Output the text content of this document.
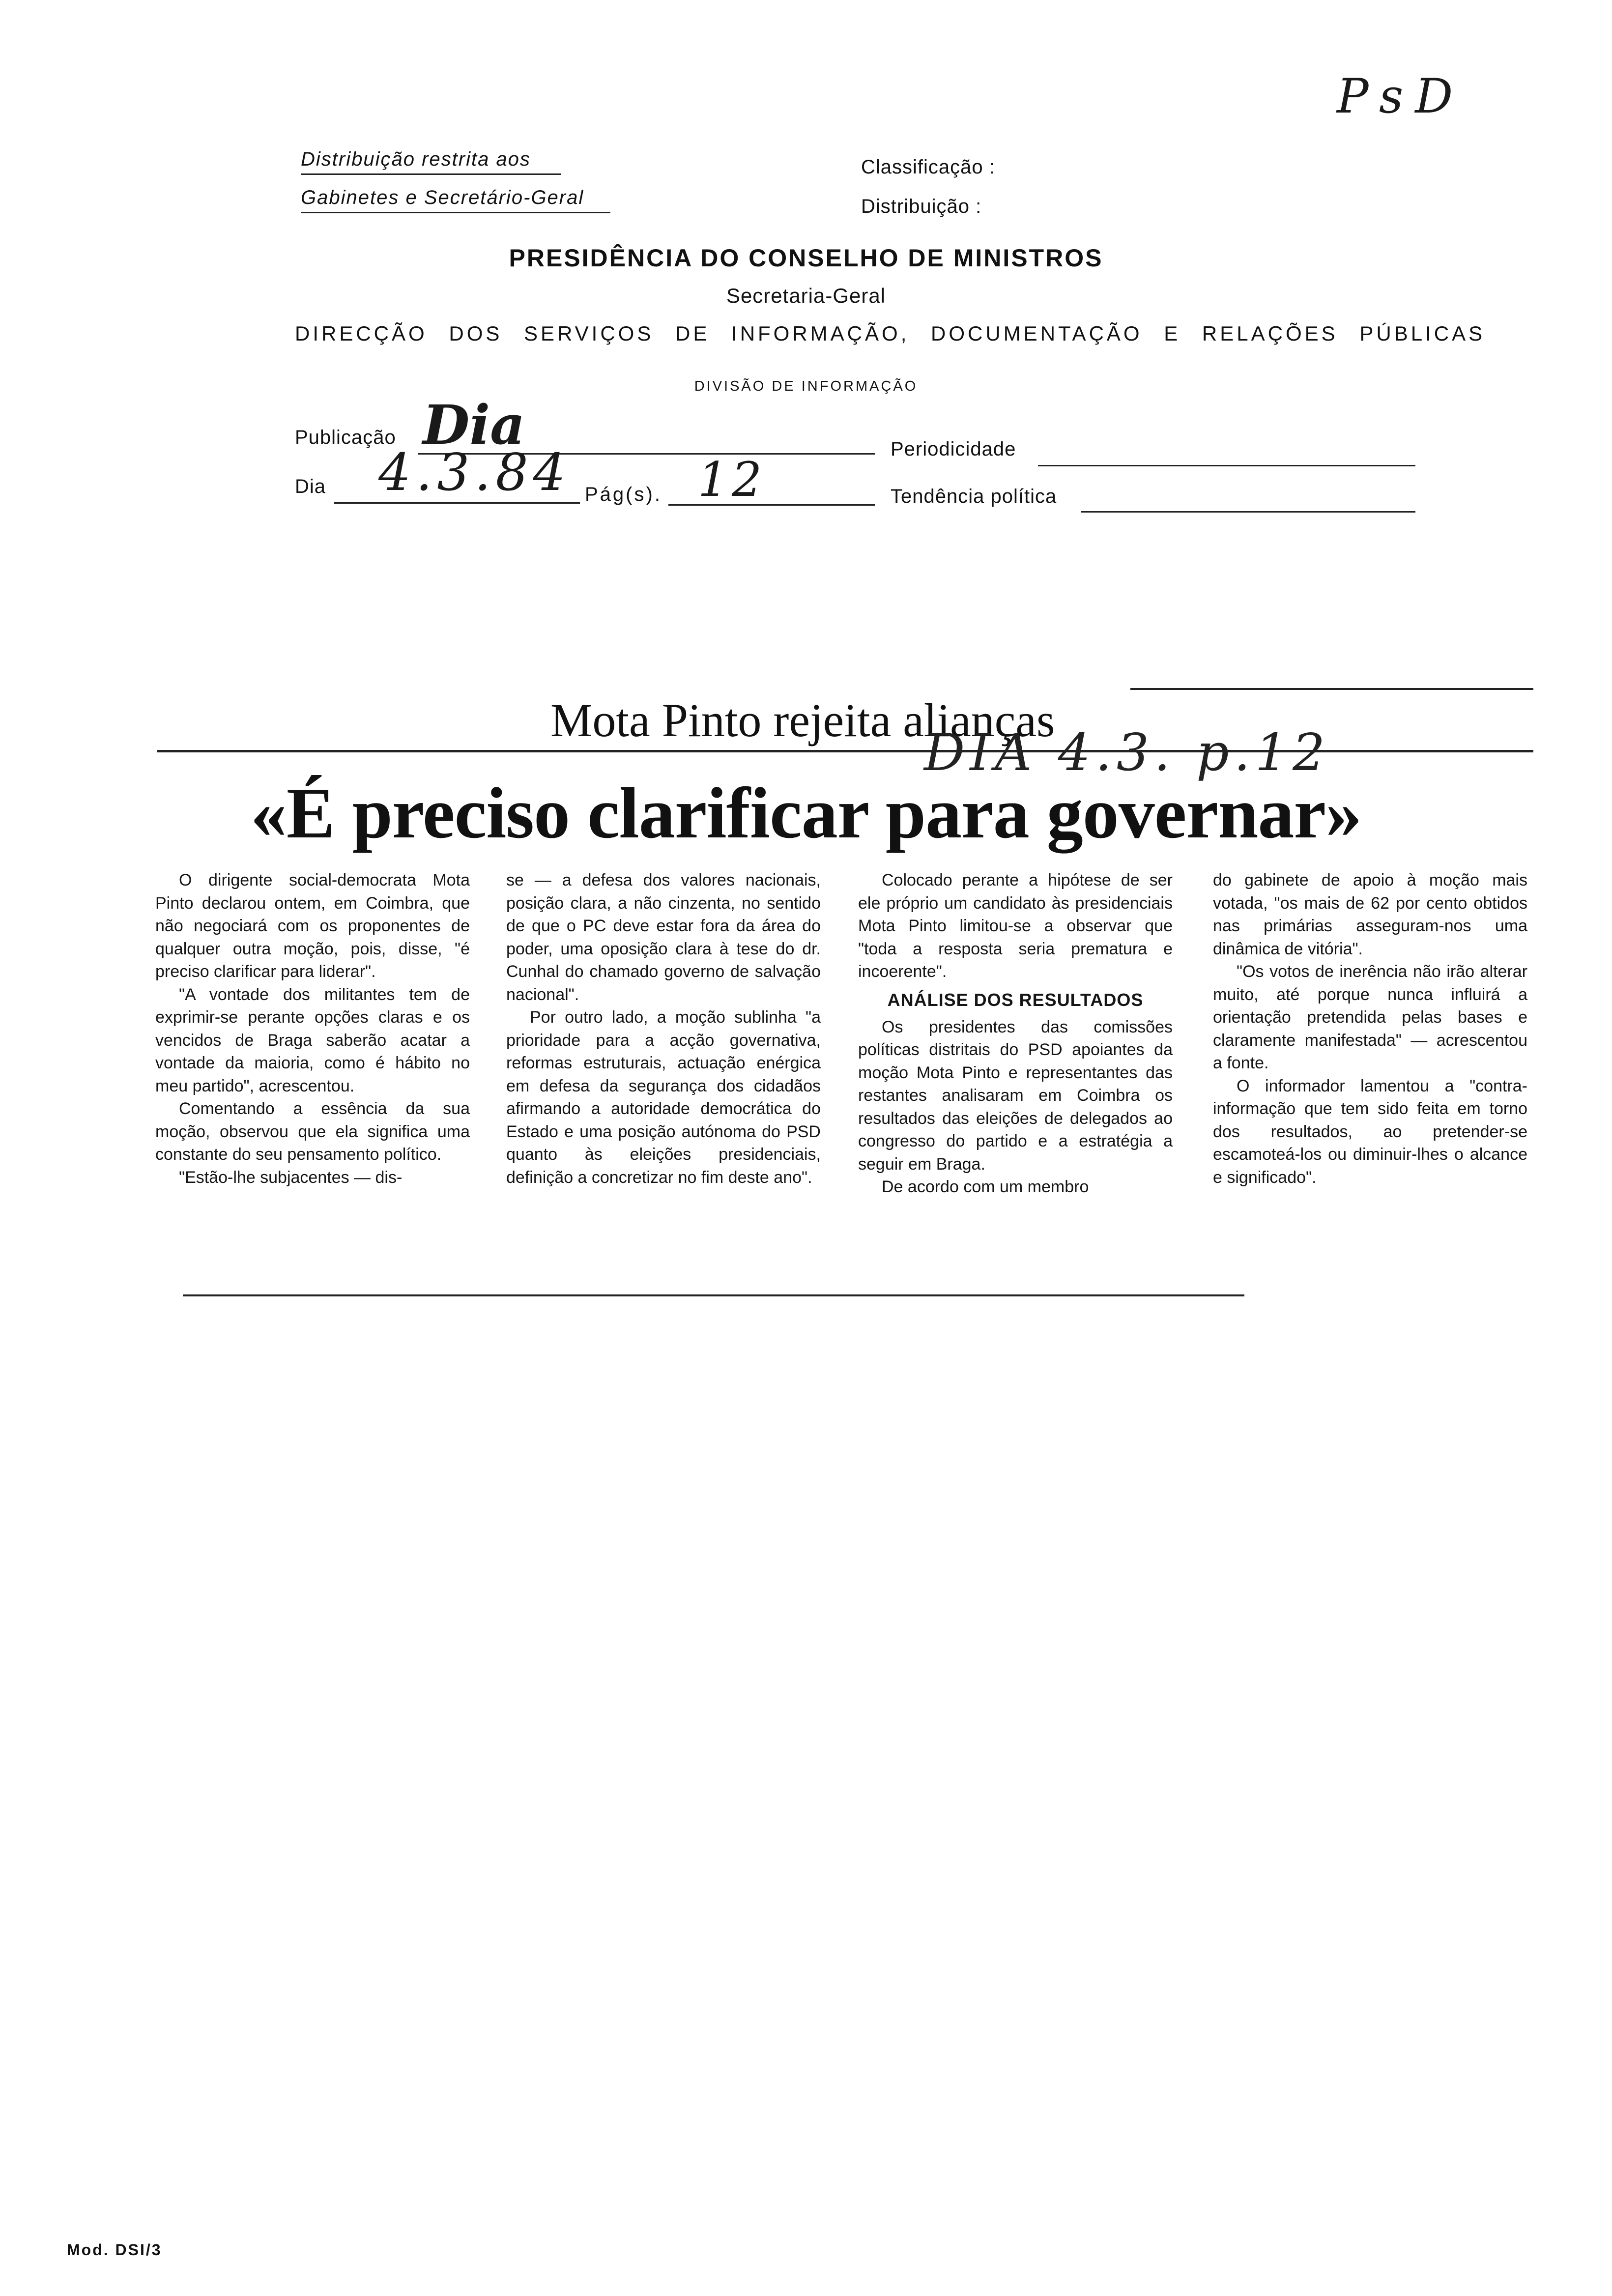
PsD
Distribuição restrita aos
Gabinetes e Secretário-Geral
Classificação :
Distribuição :
PRESIDÊNCIA DO CONSELHO DE MINISTROS
Secretaria-Geral
DIRECÇÃO DOS SERVIÇOS DE INFORMAÇÃO, DOCUMENTAÇÃO E RELAÇÕES PÚBLICAS
DIVISÃO DE INFORMAÇÃO
Publicação Dia	Periodicidade
Dia 4.3.84 Pág(s). 12	Tendência política
Mota Pinto rejeita alianças
DIA 4.3. p.12
«É preciso clarificar para governar»

O dirigente social-democrata Mota Pinto declarou ontem, em Coimbra, que não negociará com os proponentes de qualquer outra moção, pois, disse, "é preciso clarificar para liderar".

"A vontade dos militantes tem de exprimir-se perante opções claras e os vencidos de Braga saberão acatar a vontade da maioria, como é hábito no meu partido", acrescentou.

Comentando a essência da sua moção, observou que ela significa uma constante do seu pensamento político.

"Estão-lhe subjacentes — dis-

se — a defesa dos valores nacionais, posição clara, a não cinzenta, no sentido de que o PC deve estar fora da área do poder, uma oposição clara à tese do dr. Cunhal do chamado governo de salvação nacional".

Por outro lado, a moção sublinha "a prioridade para a acção governativa, reformas estruturais, actuação enérgica em defesa da segurança dos cidadãos afirmando a autoridade democrática do Estado e uma posição autónoma do PSD quanto às eleições presidenciais, definição a concretizar no fim deste ano".

Colocado perante a hipótese de ser ele próprio um candidato às presidenciais Mota Pinto limitou-se a observar que "toda a resposta seria prematura e incoerente".

ANÁLISE DOS RESULTADOS

Os presidentes das comissões políticas distritais do PSD apoiantes da moção Mota Pinto e representantes das restantes analisaram em Coimbra os resultados das eleições de delegados ao congresso do partido e a estratégia a seguir em Braga.

De acordo com um membro

do gabinete de apoio à moção mais votada, "os mais de 62 por cento obtidos nas primárias asseguram-nos uma dinâmica de vitória".

"Os votos de inerência não irão alterar muito, até porque nunca influirá a orientação pretendida pelas bases e claramente manifestada" — acrescentou a fonte.

O informador lamentou a "contra-informação que tem sido feita em torno dos resultados, ao pretender-se escamoteá-los ou diminuir-lhes o alcance e significado".

Mod. DSI/3
